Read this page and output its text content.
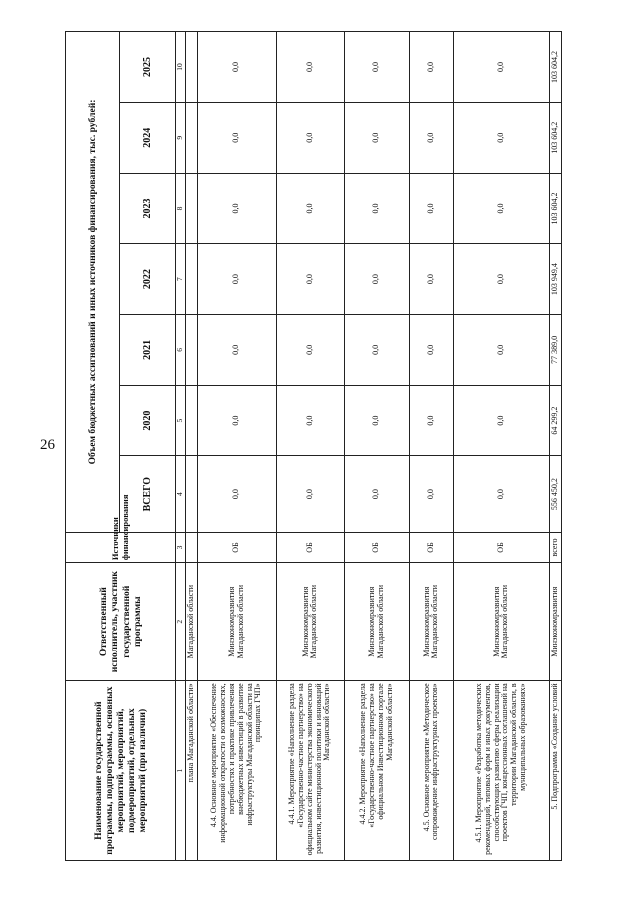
26
Наименование государственной программы, подпрограммы, основных мероприятий, мероприятий, подмероприятий, отдельных мероприятий (при наличии)	Ответственный исполнитель, участник государственной программы	Источники финансирования	Объем бюджетных ассигнований и иных источников финансирования, тыс. рублей:						
			ВСЕГО	2020	2021	2022	2023	2024	2025
1	2	3	4	5	6	7	8	9	10
плана Магаданской области»	Магаданской области								
4.4. Основное мероприятие «Обеспечение информационной открытости о возможностях, потребностях и практике привлечения внебюджетных инвестиций в развитие инфраструктуры Магаданской области на принципах ГЧП»	Минэкономразвития Магаданской области	ОБ	0,0	0,0	0,0	0,0	0,0	0,0	0,0
4.4.1. Мероприятие «Наполнение раздела «Государственно-частное партнерство» на официальном сайте министерства экономического развития, инвестиционной политики и инноваций Магаданской области»	Минэкономразвития Магаданской области	ОБ	0,0	0,0	0,0	0,0	0,0	0,0	0,0
4.4.2. Мероприятие «Наполнение раздела «Государственно-частное партнерство» на официальном Инвестиционном портале Магаданской области»	Минэкономразвития Магаданской области	ОБ	0,0	0,0	0,0	0,0	0,0	0,0	0,0
4.5. Основное мероприятие «Методическое сопровождение инфраструктурных проектов»	Минэкономразвития Магаданской области	ОБ	0,0	0,0	0,0	0,0	0,0	0,0	0,0
4.5.1. Мероприятие «Разработка методических рекомендаций, типовых форм и иных документов, способствующих развитию сферы реализации проектов ГЧП, концессионных соглашений на территории Магаданской области, в муниципальных образованиях»	Минэкономразвития Магаданской области	ОБ	0,0	0,0	0,0	0,0	0,0	0,0	0,0
5. Подпрограмма «Создание условий	Минэкономразвития	всего	556 450,2	64 299,2	77 389,0	103 949,4	103 604,2	103 604,2	103 604,2
